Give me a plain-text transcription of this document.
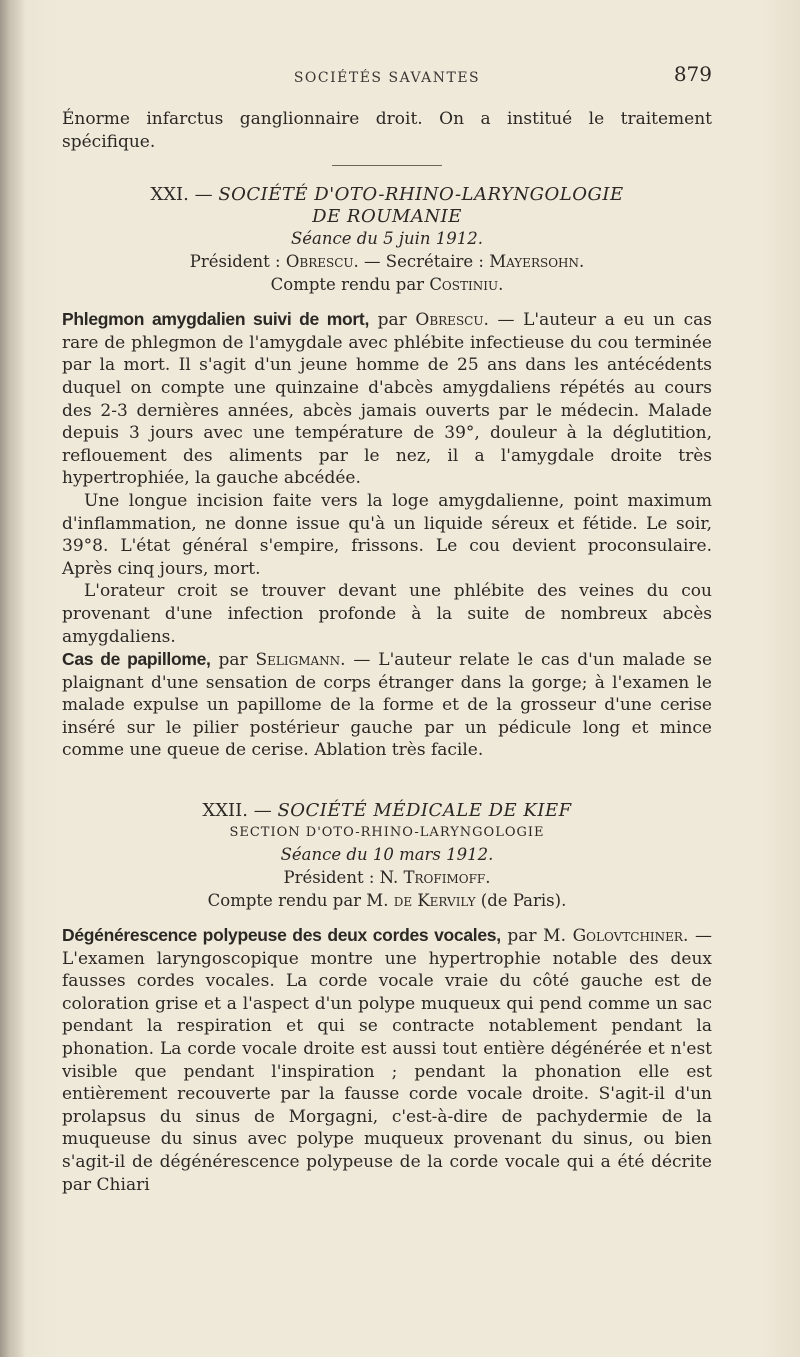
SOCIÉTÉS SAVANTES	879

Énorme infarctus ganglionnaire droit. On a institué le traitement spécifique.

XXI. — SOCIÉTÉ D'OTO-RHINO-LARYNGOLOGIE
DE ROUMANIE
Séance du 5 juin 1912.
Président : Obrescu. — Secrétaire : Mayersohn.
Compte rendu par Costiniu.

Phlegmon amygdalien suivi de mort, par Obrescu. — L'auteur a eu un cas rare de phlegmon de l'amygdale avec phlébite infectieuse du cou terminée par la mort. Il s'agit d'un jeune homme de 25 ans dans les antécédents duquel on compte une quinzaine d'abcès amygdaliens répétés au cours des 2-3 dernières années, abcès jamais ouverts par le médecin. Malade depuis 3 jours avec une température de 39°, douleur à la déglutition, reflouement des aliments par le nez, il a l'amygdale droite très hypertrophiée, la gauche abcédée.

Une longue incision faite vers la loge amygdalienne, point maximum d'inflammation, ne donne issue qu'à un liquide séreux et fétide. Le soir, 39°8. L'état général s'empire, frissons. Le cou devient proconsulaire. Après cinq jours, mort.

L'orateur croit se trouver devant une phlébite des veines du cou provenant d'une infection profonde à la suite de nombreux abcès amygdaliens.

Cas de papillome, par Seligmann. — L'auteur relate le cas d'un malade se plaignant d'une sensation de corps étranger dans la gorge; à l'examen le malade expulse un papillome de la forme et de la grosseur d'une cerise inséré sur le pilier postérieur gauche par un pédicule long et mince comme une queue de cerise. Ablation très facile.

XXII. — SOCIÉTÉ MÉDICALE DE KIEF
SECTION D'OTO-RHINO-LARYNGOLOGIE
Séance du 10 mars 1912.
Président : N. Trofimoff.
Compte rendu par M. de Kervily (de Paris).

Dégénérescence polypeuse des deux cordes vocales, par M. Golovtchiner. — L'examen laryngoscopique montre une hypertrophie notable des deux fausses cordes vocales. La corde vocale vraie du côté gauche est de coloration grise et a l'aspect d'un polype muqueux qui pend comme un sac pendant la respiration et qui se contracte notablement pendant la phonation. La corde vocale droite est aussi tout entière dégénérée et n'est visible que pendant l'inspiration ; pendant la phonation elle est entièrement recouverte par la fausse corde vocale droite. S'agit-il d'un prolapsus du sinus de Morgagni, c'est-à-dire de pachydermie de la muqueuse du sinus avec polype muqueux provenant du sinus, ou bien s'agit-il de dégénérescence polypeuse de la corde vocale qui a été décrite par Chiari
